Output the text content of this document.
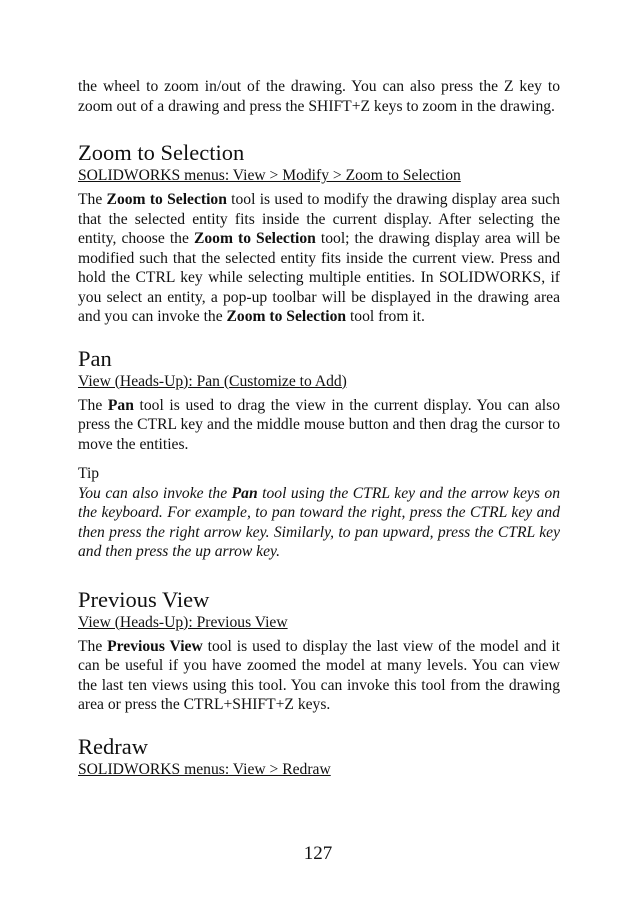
the wheel to zoom in/out of the drawing. You can also press the Z key to zoom out of a drawing and press the SHIFT+Z keys to zoom in the drawing.

Zoom to Selection
SOLIDWORKS menus: View > Modify > Zoom to Selection

The Zoom to Selection tool is used to modify the drawing display area such that the selected entity fits inside the current display. After selecting the entity, choose the Zoom to Selection tool; the drawing display area will be modified such that the selected entity fits inside the current view. Press and hold the CTRL key while selecting multiple entities. In SOLIDWORKS, if you select an entity, a pop-up toolbar will be displayed in the drawing area and you can invoke the Zoom to Selection tool from it.

Pan
View (Heads-Up): Pan (Customize to Add)

The Pan tool is used to drag the view in the current display. You can also press the CTRL key and the middle mouse button and then drag the cursor to move the entities.

Tip

You can also invoke the Pan tool using the CTRL key and the arrow keys on the keyboard. For example, to pan toward the right, press the CTRL key and then press the right arrow key. Similarly, to pan upward, press the CTRL key and then press the up arrow key.

Previous View
View (Heads-Up): Previous View

The Previous View tool is used to display the last view of the model and it can be useful if you have zoomed the model at many levels. You can view the last ten views using this tool. You can invoke this tool from the drawing area or press the CTRL+SHIFT+Z keys.

Redraw
SOLIDWORKS menus: View > Redraw
127
